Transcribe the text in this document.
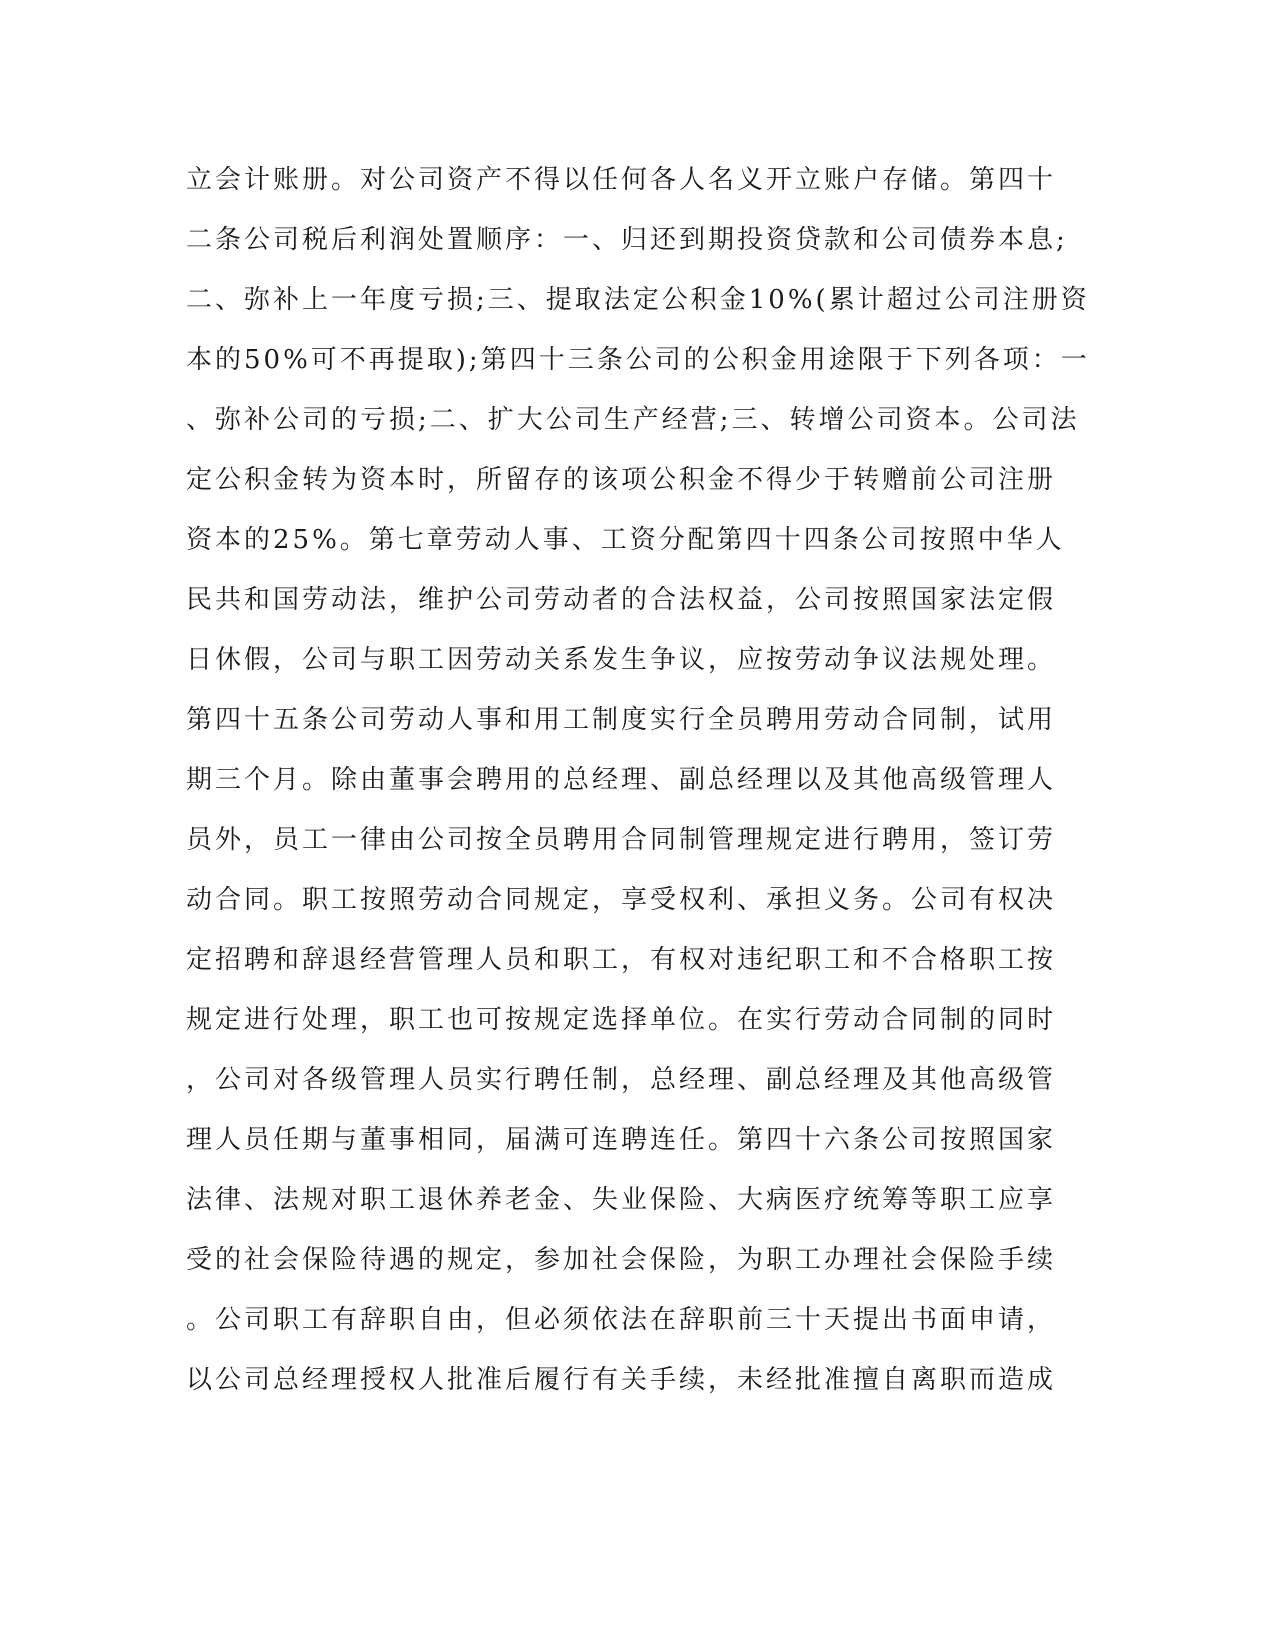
立会计账册。对公司资产不得以任何各人名义开立账户存储。第四十
二条公司税后利润处置顺序：一、归还到期投资贷款和公司债券本息;
二、弥补上一年度亏损;三、提取法定公积金10%(累计超过公司注册资
本的50%可不再提取);第四十三条公司的公积金用途限于下列各项：一
、弥补公司的亏损;二、扩大公司生产经营;三、转增公司资本。公司法
定公积金转为资本时，所留存的该项公积金不得少于转赠前公司注册
资本的25%。第七章劳动人事、工资分配第四十四条公司按照中华人
民共和国劳动法，维护公司劳动者的合法权益，公司按照国家法定假
日休假，公司与职工因劳动关系发生争议，应按劳动争议法规处理。
第四十五条公司劳动人事和用工制度实行全员聘用劳动合同制，试用
期三个月。除由董事会聘用的总经理、副总经理以及其他高级管理人
员外，员工一律由公司按全员聘用合同制管理规定进行聘用，签订劳
动合同。职工按照劳动合同规定，享受权利、承担义务。公司有权决
定招聘和辞退经营管理人员和职工，有权对违纪职工和不合格职工按
规定进行处理，职工也可按规定选择单位。在实行劳动合同制的同时
，公司对各级管理人员实行聘任制，总经理、副总经理及其他高级管
理人员任期与董事相同，届满可连聘连任。第四十六条公司按照国家
法律、法规对职工退休养老金、失业保险、大病医疗统筹等职工应享
受的社会保险待遇的规定，参加社会保险，为职工办理社会保险手续
。公司职工有辞职自由，但必须依法在辞职前三十天提出书面申请，
以公司总经理授权人批准后履行有关手续，未经批准擅自离职而造成
